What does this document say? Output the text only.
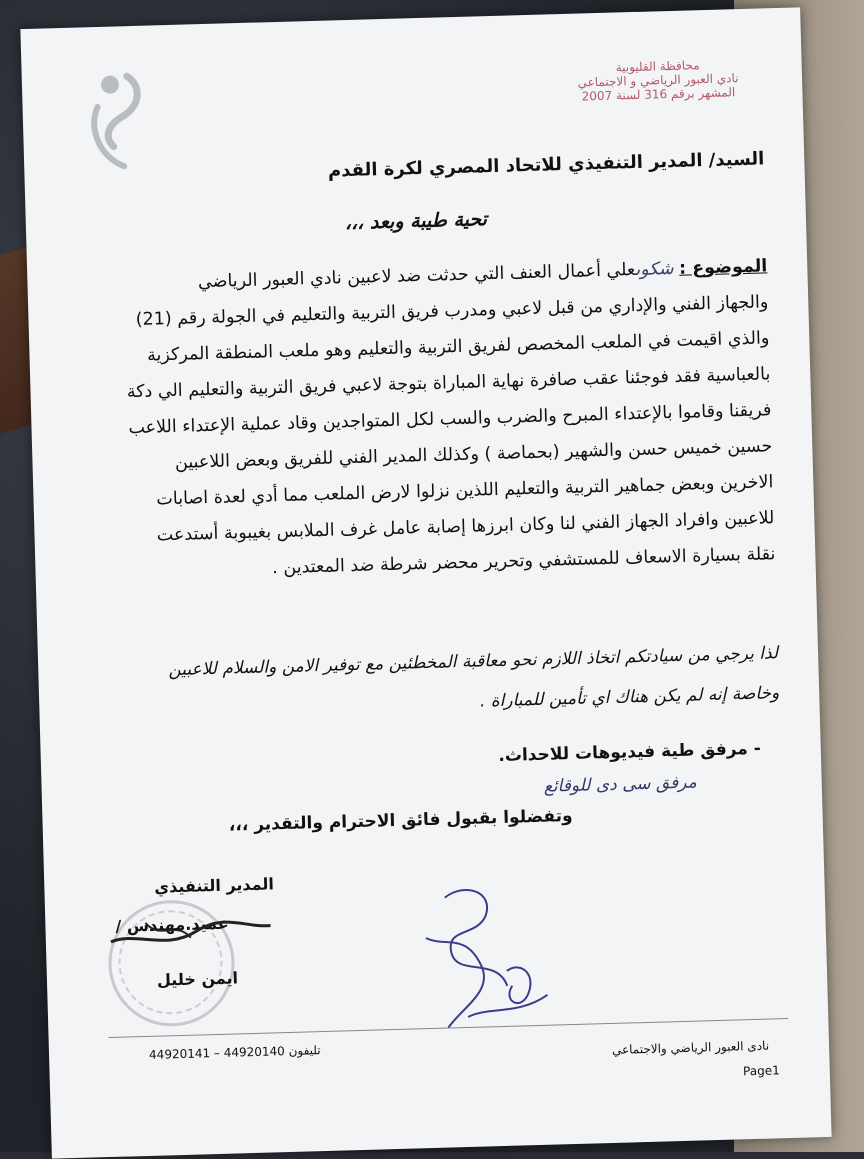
محافظة القليوبية
نادي العبور الرياضي و الاجتماعي
المشهر برقم 316 لسنة 2007
السيد/ المدير التنفيذي للاتحاد المصري لكرة القدم
تحية طيبة وبعد ،،،
الموضوع : شكوىعلي أعمال العنف التي حدثت ضد لاعبين نادي العبور الرياضي
والجهاز الفني والإداري من قبل لاعبي ومدرب فريق التربية والتعليم في الجولة رقم (21)
والذي اقيمت في الملعب المخصص لفريق التربية والتعليم وهو ملعب المنطقة المركزية
بالعباسية فقد فوجئنا عقب صافرة نهاية المباراة بتوجة لاعبي فريق التربية والتعليم الي دكة
فريقنا وقاموا بالإعتداء المبرح والضرب والسب لكل المتواجدين وقاد عملية الإعتداء اللاعب
حسين خميس حسن والشهير (بحماصة ) وكذلك المدير الفني للفريق وبعض اللاعبين
الاخرين وبعض جماهير التربية والتعليم اللذين نزلوا لارض الملعب مما أدي لعدة اصابات
للاعبين وافراد الجهاز الفني لنا وكان ابرزها إصابة عامل غرف الملابس بغيبوبة أستدعت
نقلة بسيارة الاسعاف للمستشفي وتحرير محضر شرطة ضد المعتدين .
لذا يرجي من سيادتكم اتخاذ اللازم نحو معاقبة المخطئين مع توفير الامن والسلام للاعبين
وخاصة إنه لم يكن هناك اي تأمين للمباراة .
- مرفق طية فيديوهات للاحداث.
مرفق سى دى للوقائع
وتفضلوا بقبول فائق الاحترام والتقدير ،،،
المدير التنفيذي
عميد.مهندس /
ايمن خليل
تليفون 44920140 – 44920141	نادى العبور الرياضي والاجتماعي
Page1
